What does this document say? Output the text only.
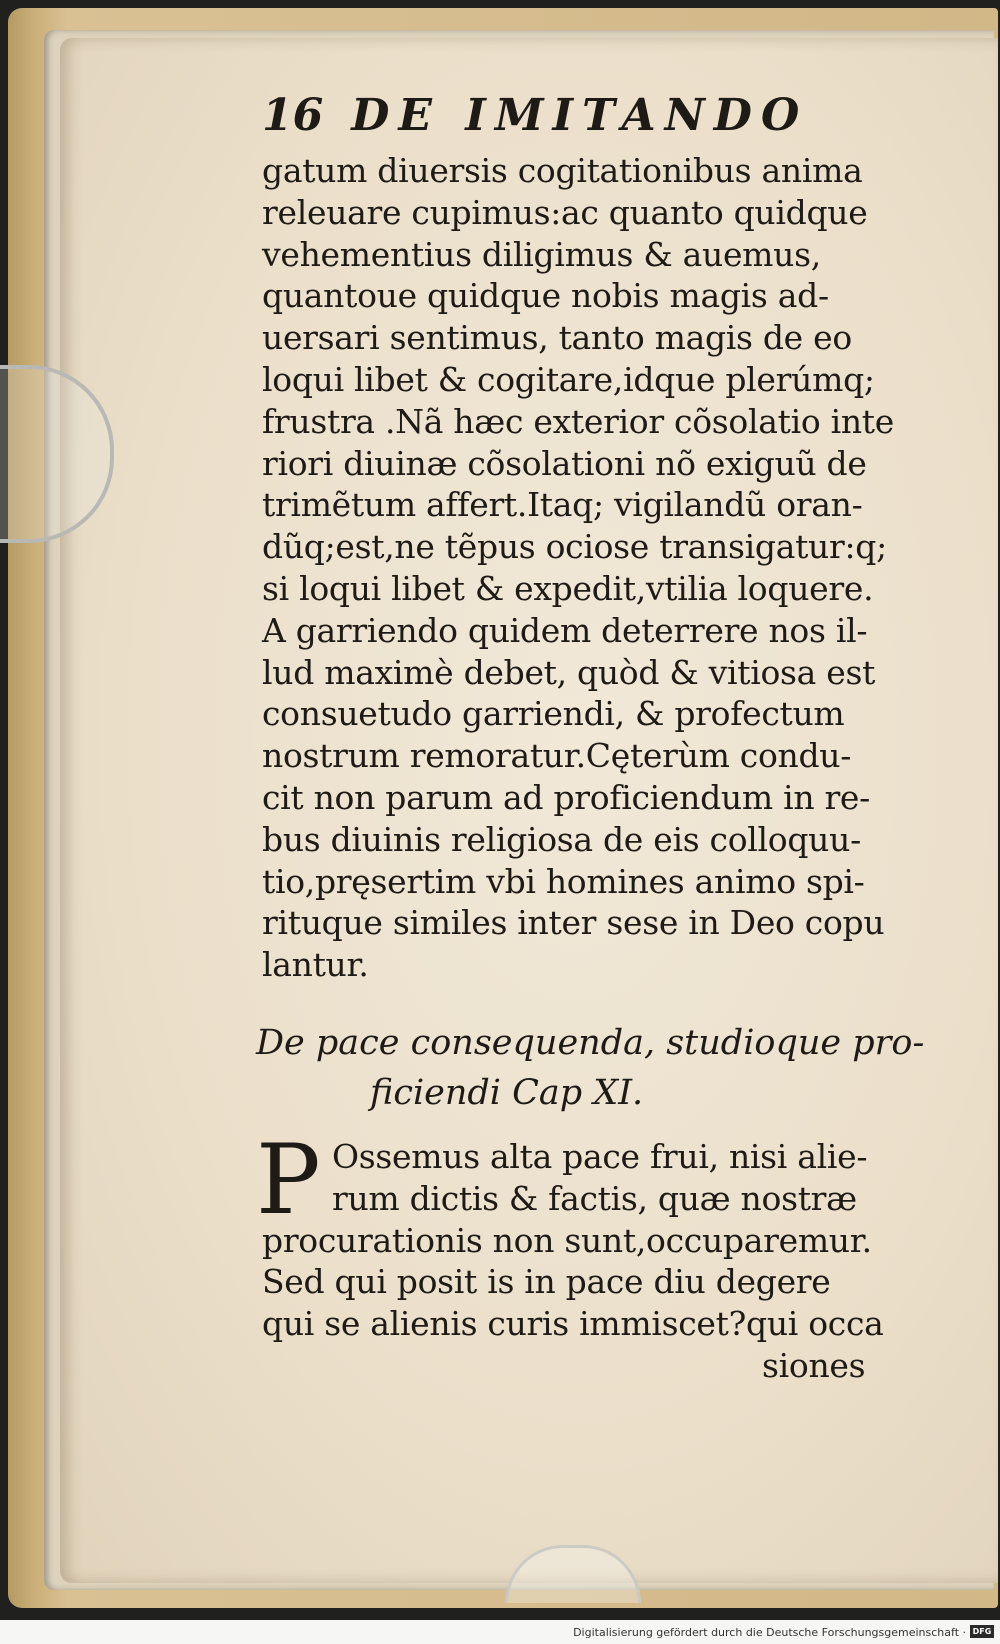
16 DE IMITANDO
gatum diuersis cogitationibus anima
releuare cupimus:ac quanto quidque
vehementius diligimus & auemus,
quantoue quidque nobis magis ad-
uersari sentimus, tanto magis de eo
loqui libet & cogitare,idque plerúmq;
frustra .Nã hæc exterior cõsolatio inte
riori diuinæ cõsolationi nõ exiguũ de
trimẽtum affert.Itaq; vigilandũ oran-
dũq;est,ne tẽpus ociose transigatur:q;
si loqui libet & expedit,vtilia loquere.
A garriendo quidem deterrere nos il-
lud maximè debet, quòd & vitiosa est
consuetudo garriendi, & profectum
nostrum remoratur.Cęterùm condu-
cit non parum ad proficiendum in re-
bus diuinis religiosa de eis colloquu-
tio,pręsertim vbi homines animo spi-
rituque similes inter sese in Deo copu
lantur.
De pace consequenda, studioque pro-
ficiendi Cap XI.
P Ossemus alta pace frui, nisi alie-
rum dictis & factis, quæ nostræ
procurationis non sunt,occuparemur.
Sed qui posit is in pace diu degere
qui se alienis curis immiscet?qui occa
siones
Digitalisierung gefördert durch die Deutsche Forschungsgemeinschaft · DFG
